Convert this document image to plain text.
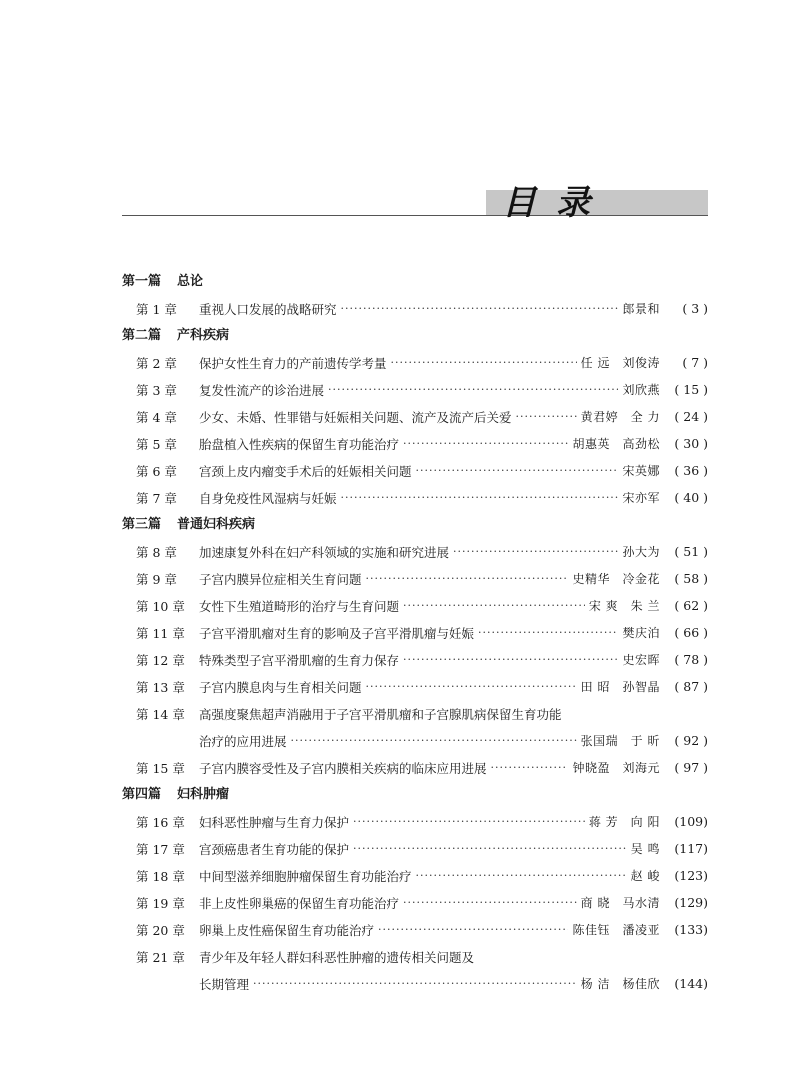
目录
第一篇 总论
第 1 章	重视人口发展的战略研究 ·····	郎景和	( 3 )
第二篇 产科疾病
第 2 章	保护女性生育力的产前遗传学考量 ·····	任 远　刘俊涛	( 7 )
第 3 章	复发性流产的诊治进展 ·····	刘欣燕	( 15 )
第 4 章	少女、未婚、性罪错与妊娠相关问题、流产及流产后关爱 ·····	黄君婷　全 力	( 24 )
第 5 章	胎盘植入性疾病的保留生育功能治疗 ·····	胡惠英　高劲松	( 30 )
第 6 章	宫颈上皮内瘤变手术后的妊娠相关问题 ·····	宋英娜	( 36 )
第 7 章	自身免疫性风湿病与妊娠 ·····	宋亦军	( 40 )
第三篇 普通妇科疾病
第 8 章	加速康复外科在妇产科领域的实施和研究进展 ·····	孙大为	( 51 )
第 9 章	子宫内膜异位症相关生育问题 ·····	史精华　冷金花	( 58 )
第 10 章	女性下生殖道畸形的治疗与生育问题 ·····	宋 爽　朱 兰	( 62 )
第 11 章	子宫平滑肌瘤对生育的影响及子宫平滑肌瘤与妊娠 ·····	樊庆泊	( 66 )
第 12 章	特殊类型子宫平滑肌瘤的生育力保存 ·····	史宏晖	( 78 )
第 13 章	子宫内膜息肉与生育相关问题 ·····	田 昭　孙智晶	( 87 )
第 14 章	高强度聚焦超声消融用于子宫平滑肌瘤和子宫腺肌病保留生育功能
治疗的应用进展 ·····	张国瑞　于 昕	( 92 )
第 15 章	子宫内膜容受性及子宫内膜相关疾病的临床应用进展 ·····	钟晓盈　刘海元	( 97 )
第四篇 妇科肿瘤
第 16 章	妇科恶性肿瘤与生育力保护 ·····	蒋 芳　向 阳	(109)
第 17 章	宫颈癌患者生育功能的保护 ·····	吴 鸣	(117)
第 18 章	中间型滋养细胞肿瘤保留生育功能治疗 ·····	赵 峻	(123)
第 19 章	非上皮性卵巢癌的保留生育功能治疗 ·····	商 晓　马水清	(129)
第 20 章	卵巢上皮性癌保留生育功能治疗 ·····	陈佳钰　潘凌亚	(133)
第 21 章	青少年及年轻人群妇科恶性肿瘤的遗传相关问题及
长期管理 ·····	杨 洁　杨佳欣	(144)
